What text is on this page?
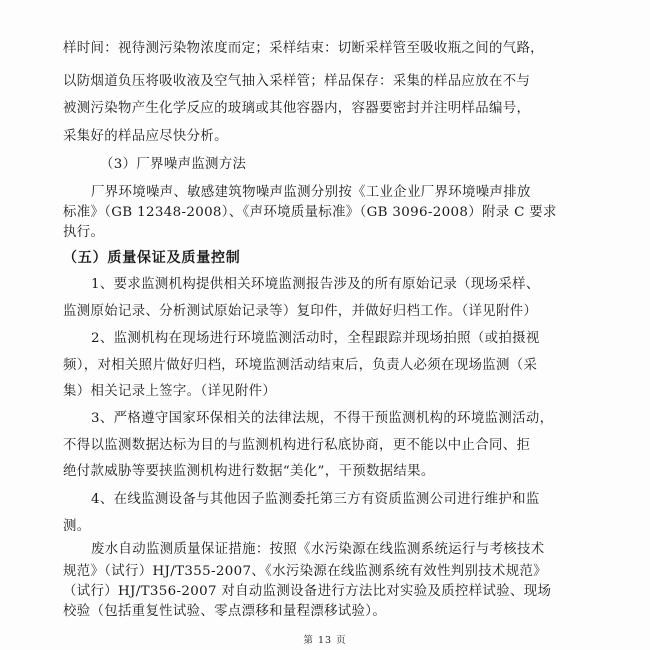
样时间：视待测污染物浓度而定；采样结束：切断采样管至吸收瓶之间的气路，
以防烟道负压将吸收液及空气抽入采样管；样品保存：采集的样品应放在不与
被测污染物产生化学反应的玻璃或其他容器内，容器要密封并注明样品编号，
采集好的样品应尽快分析。
（3）厂界噪声监测方法
厂界环境噪声、敏感建筑物噪声监测分别按《工业企业厂界环境噪声排放
标准》（GB 12348-2008）、《声环境质量标准》（GB 3096-2008）附录 C 要求
执行。
（五）质量保证及质量控制
1、要求监测机构提供相关环境监测报告涉及的所有原始记录（现场采样、
监测原始记录、分析测试原始记录等）复印件，并做好归档工作。（详见附件）
2、监测机构在现场进行环境监测活动时，全程跟踪并现场拍照（或拍摄视
频），对相关照片做好归档，环境监测活动结束后，负责人必须在现场监测（采
集）相关记录上签字。（详见附件）
3、严格遵守国家环保相关的法律法规，不得干预监测机构的环境监测活动，
不得以监测数据达标为目的与监测机构进行私底协商，更不能以中止合同、拒
绝付款威胁等要挟监测机构进行数据“美化”，干预数据结果。
4、在线监测设备与其他因子监测委托第三方有资质监测公司进行维护和监
测。
废水自动监测质量保证措施：按照《水污染源在线监测系统运行与考核技术
规范》（试行）HJ/T355-2007、《水污染源在线监测系统有效性判别技术规范》
（试行）HJ/T356-2007 对自动监测设备进行方法比对实验及质控样试验、现场
校验（包括重复性试验、零点漂移和量程漂移试验）。
第 13 页
